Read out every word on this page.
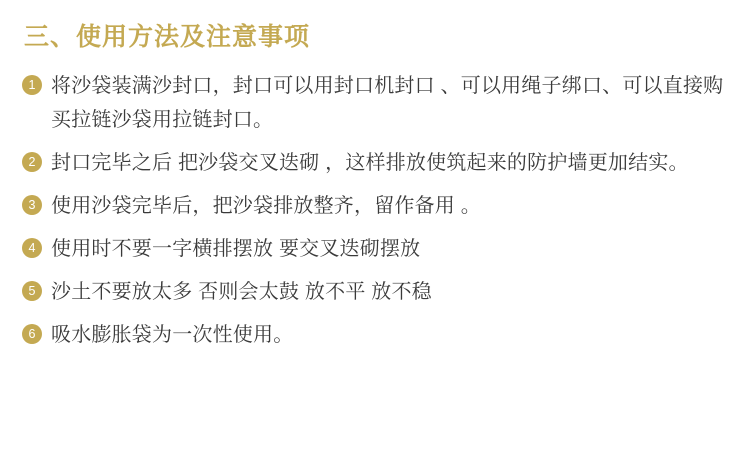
三、使用方法及注意事项
1 将沙袋装满沙封口，封口可以用封口机封口 、可以用绳子绑口、可以直接购买拉链沙袋用拉链封口。
2 封口完毕之后 把沙袋交叉迭砌 ，这样排放使筑起来的防护墙更加结实。
3 使用沙袋完毕后，把沙袋排放整齐，留作备用 。
4 使用时不要一字横排摆放 要交叉迭砌摆放
5 沙土不要放太多 否则会太鼓 放不平 放不稳
6 吸水膨胀袋为一次性使用。
